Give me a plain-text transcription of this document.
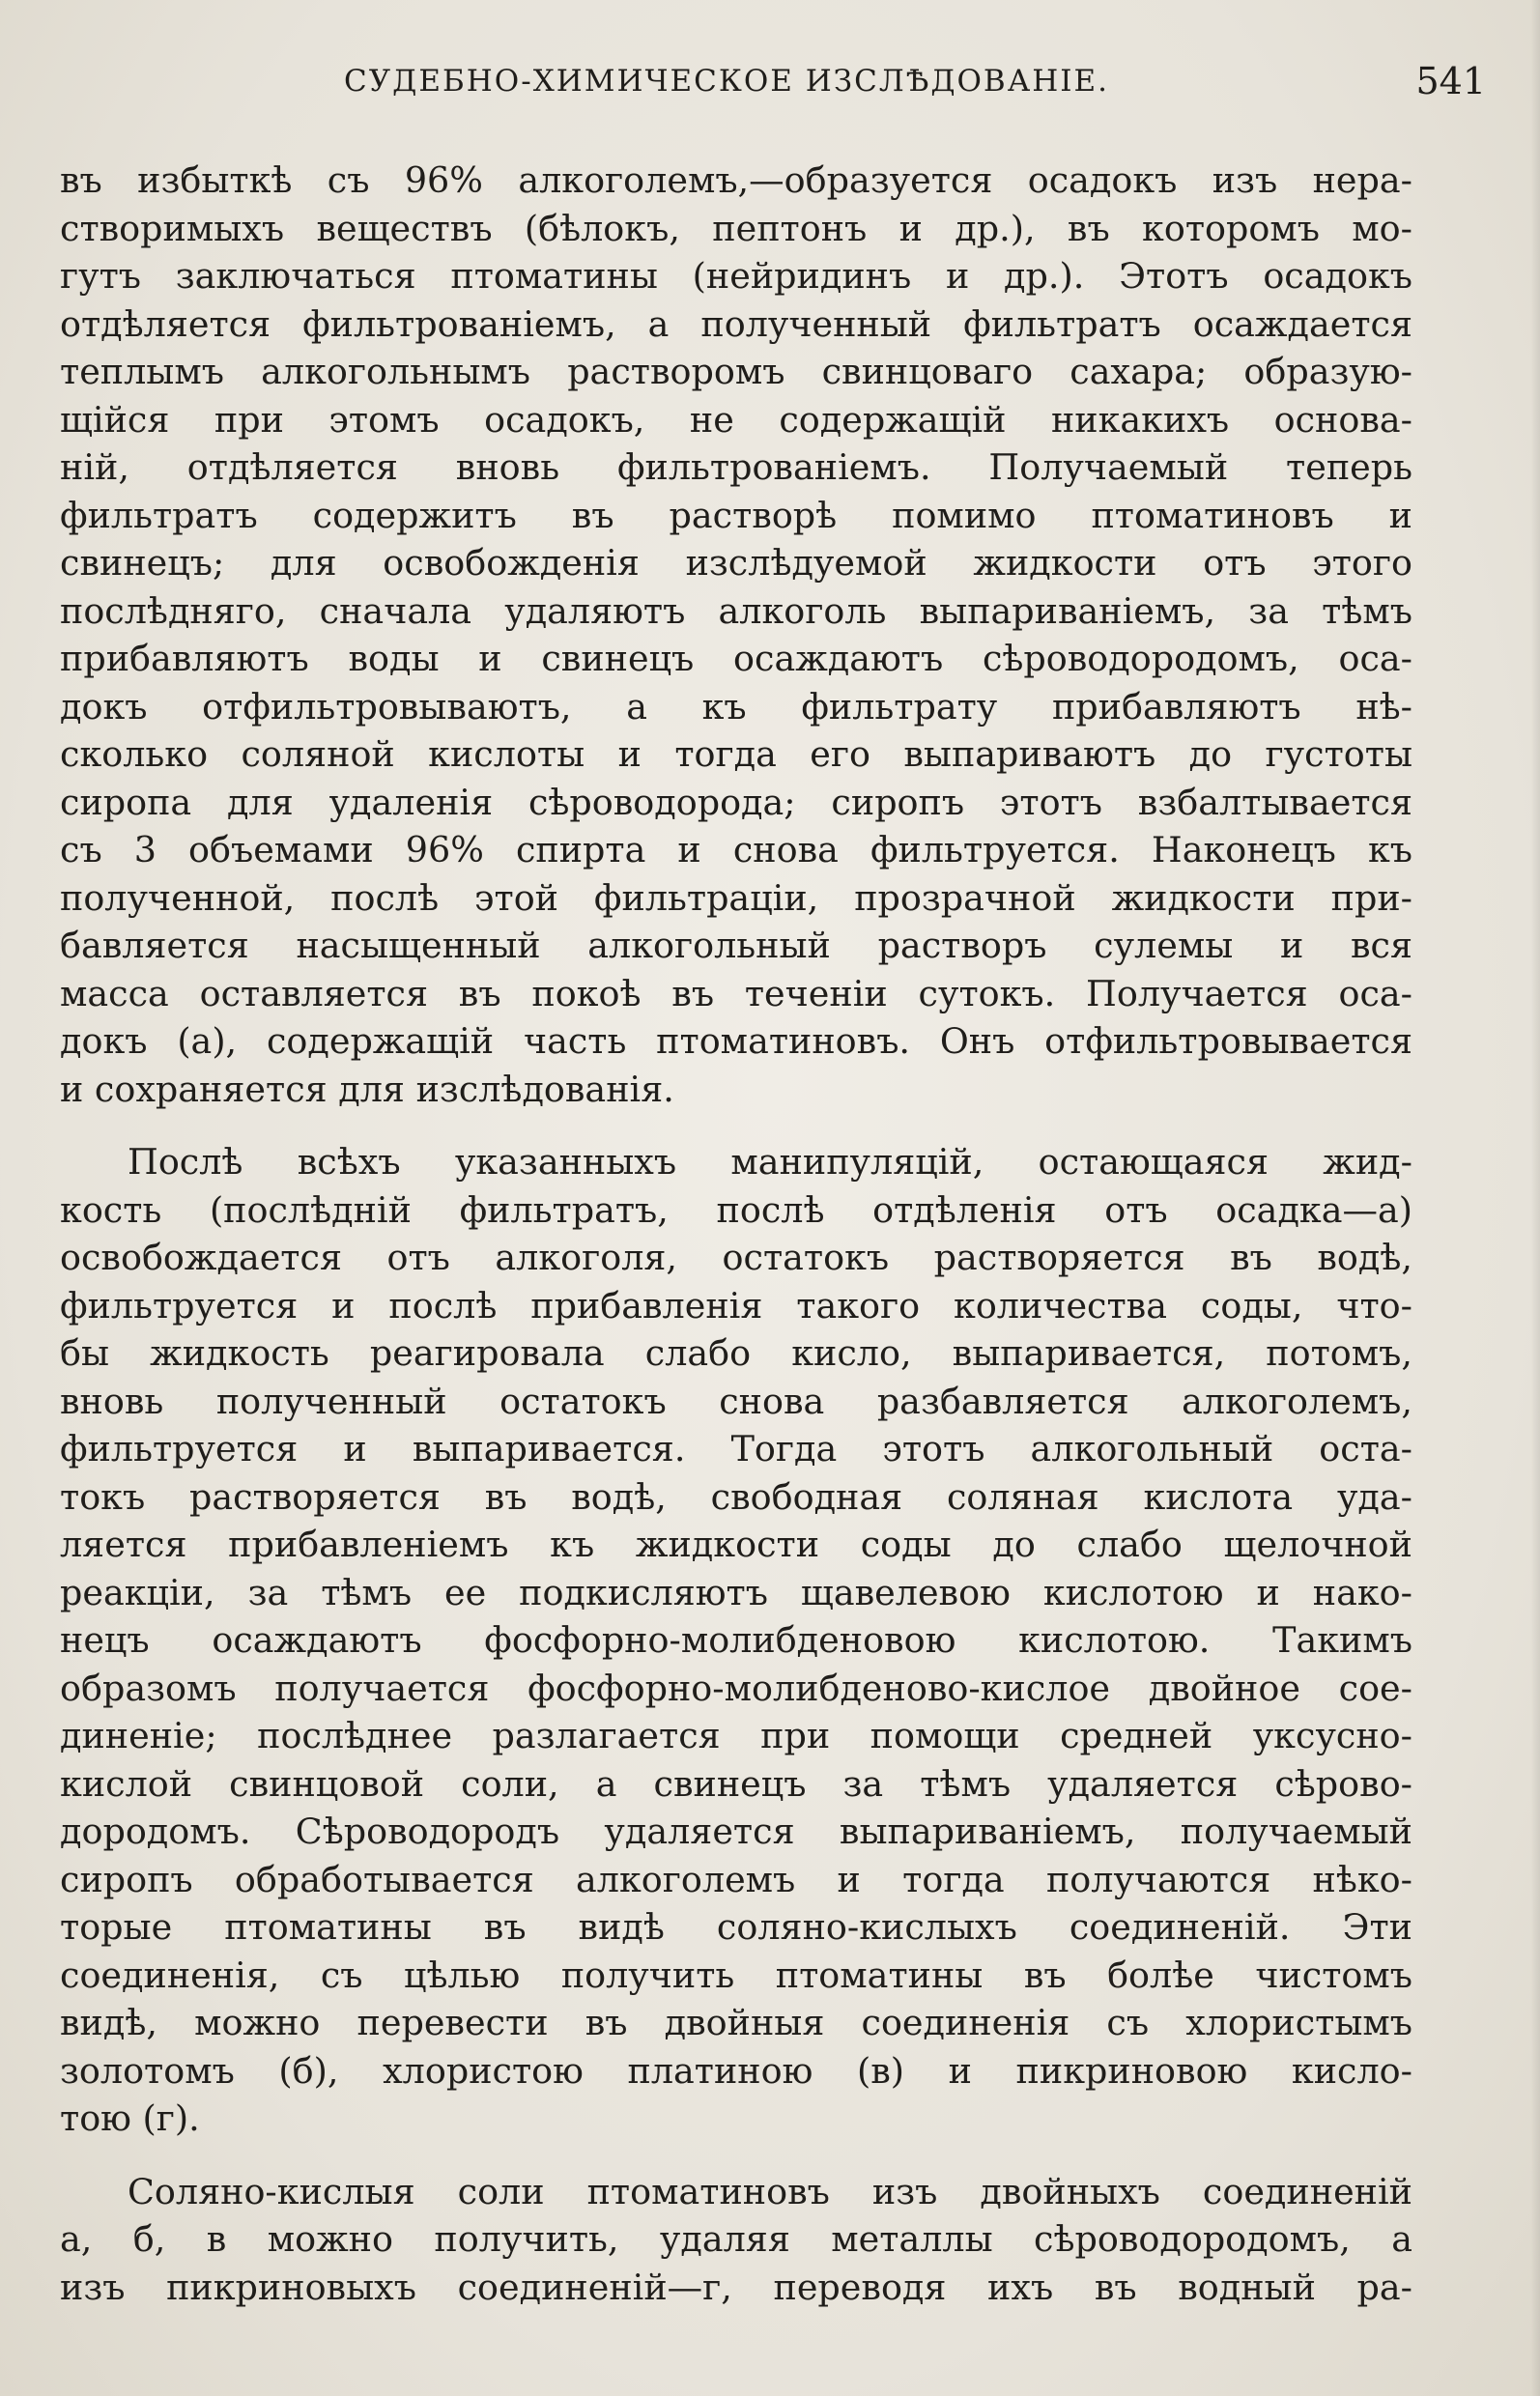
СУДЕБНО-ХИМИЧЕСКОЕ ИЗСЛѢДОВАНІЕ.	541
въ избыткѣ съ 96% алкоголемъ,—образуется осадокъ изъ нера-
створимыхъ веществъ (бѣлокъ, пептонъ и др.), въ которомъ мо-
гутъ заключаться птоматины (нейридинъ и др.). Этотъ осадокъ
отдѣляется фильтрованіемъ, а полученный фильтратъ осаждается
теплымъ алкогольнымъ растворомъ свинцоваго сахара; образую-
щійся при этомъ осадокъ, не содержащій никакихъ основа-
ній, отдѣляется вновь фильтрованіемъ. Получаемый теперь
фильтратъ содержитъ въ растворѣ помимо птоматиновъ и
свинецъ; для освобожденія изслѣдуемой жидкости отъ этого
послѣдняго, сначала удаляютъ алкоголь выпариваніемъ, за тѣмъ
прибавляютъ воды и свинецъ осаждаютъ сѣроводородомъ, оса-
докъ отфильтровываютъ, а къ фильтрату прибавляютъ нѣ-
сколько соляной кислоты и тогда его выпариваютъ до густоты
сиропа для удаленія сѣроводорода; сиропъ этотъ взбалтывается
съ 3 объемами 96% спирта и снова фильтруется. Наконецъ къ
полученной, послѣ этой фильтраціи, прозрачной жидкости при-
бавляется насыщенный алкогольный растворъ сулемы и вся
масса оставляется въ покоѣ въ теченіи сутокъ. Получается оса-
докъ (а), содержащій часть птоматиновъ. Онъ отфильтровывается
и сохраняется для изслѣдованія.
Послѣ всѣхъ указанныхъ манипуляцій, остающаяся жид-
кость (послѣдній фильтратъ, послѣ отдѣленія отъ осадка—а)
освобождается отъ алкоголя, остатокъ растворяется въ водѣ,
фильтруется и послѣ прибавленія такого количества соды, что-
бы жидкость реагировала слабо кисло, выпаривается, потомъ,
вновь полученный остатокъ снова разбавляется алкоголемъ,
фильтруется и выпаривается. Тогда этотъ алкогольный оста-
токъ растворяется въ водѣ, свободная соляная кислота уда-
ляется прибавленіемъ къ жидкости соды до слабо щелочной
реакціи, за тѣмъ ее подкисляютъ щавелевою кислотою и нако-
нецъ осаждаютъ фосфорно-молибденовою кислотою. Такимъ
образомъ получается фосфорно-молибденово-кислое двойное сое-
диненіе; послѣднее разлагается при помощи средней уксусно-
кислой свинцовой соли, а свинецъ за тѣмъ удаляется сѣрово-
дородомъ. Сѣроводородъ удаляется выпариваніемъ, получаемый
сиропъ обработывается алкоголемъ и тогда получаются нѣко-
торые птоматины въ видѣ соляно-кислыхъ соединеній. Эти
соединенія, съ цѣлью получить птоматины въ болѣе чистомъ
видѣ, можно перевести въ двойныя соединенія съ хлористымъ
золотомъ (б), хлористою платиною (в) и пикриновою кисло-
тою (г).
Соляно-кислыя соли птоматиновъ изъ двойныхъ соединеній
а, б, в можно получить, удаляя металлы сѣроводородомъ, а
изъ пикриновыхъ соединеній—г, переводя ихъ въ водный ра-
